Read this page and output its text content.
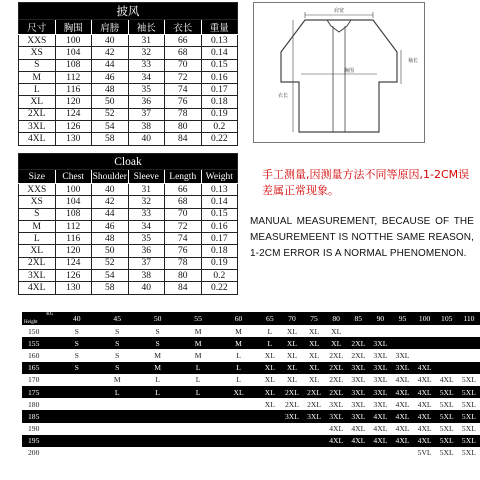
披风					
尺寸	胸围	肩膀	袖长	衣长	重量
XXS	100	40	31	66	0.13
XS	104	42	32	68	0.14
S	108	44	33	70	0.15
M	112	46	34	72	0.16
L	116	48	35	74	0.17
XL	120	50	36	76	0.18
2XL	124	52	37	78	0.19
3XL	126	54	38	80	0.2
4XL	130	58	40	84	0.22
肩宽
胸围
袖长
衣长
Cloak					
Size	Chest	Shoulder	Sleeve	Length	Weight
XXS	100	40	31	66	0.13
XS	104	42	32	68	0.14
S	108	44	33	70	0.15
M	112	46	34	72	0.16
L	116	48	35	74	0.17
XL	120	50	36	76	0.18
2XL	124	52	37	78	0.19
3XL	126	54	38	80	0.2
4XL	130	58	40	84	0.22
手工测量,因测量方法不同等原因,1-2CM误差属正常现象。
MANUAL MEASUREMENT, BECAUSE OF THE MEASUREMEENT IS NOTTHE SAME REASON, 1-2CM ERROR IS A NORMAL PHENOMENON.
KG
Height	40	45	50	55	60	65	70	75	80	85	90	95	100	105	110
150	S	S	S	M	M	L	XL	XL	XL						
155	S	S	S	M	M	L	XL	XL	XL	2XL	3XL				
160	S	S	M	M	L	XL	XL	XL	2XL	2XL	3XL	3XL			
165	S	S	M	L	L	XL	XL	XL	2XL	3XL	3XL	3XL	4XL		
170		M	L	L	L	XL	XL	XL	2XL	3XL	3XL	4XL	4XL	4XL	5XL
175		L	L	L	XL	XL	2XL	2XL	2XL	3XL	3XL	4XL	4XL	5XL	5XL
180						XL	2XL	2XL	3XL	3XL	3XL	4XL	4XL	5XL	5XL
185							3XL	3XL	3XL	3XL	4XL	4XL	4XL	5XL	5XL
190									4XL	4XL	4XL	4XL	4XL	5XL	5XL
195									4XL	4XL	4XL	4XL	4XL	5XL	5XL
200													5VL	5XL	5XL
